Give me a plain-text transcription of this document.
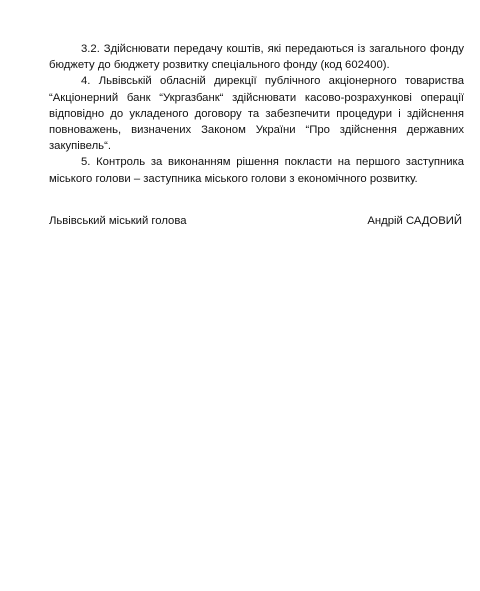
3.2. Здійснювати передачу коштів, які передаються із загального фонду бюджету до бюджету розвитку спеціального фонду (код 602400).

4. Львівській обласній дирекції публічного акціонерного товариства “Акціонерний банк “Укргазбанк“ здійснювати касово-розрахункові операції відповідно до укладеного договору та забезпечити процедури і здійснення повноважень, визначених Законом України “Про здійснення державних закупівель“.

5. Контроль за виконанням рішення покласти на першого заступника міського голови – заступника міського голови з економічного розвитку.

Львівський міський голова	Андрій САДОВИЙ
